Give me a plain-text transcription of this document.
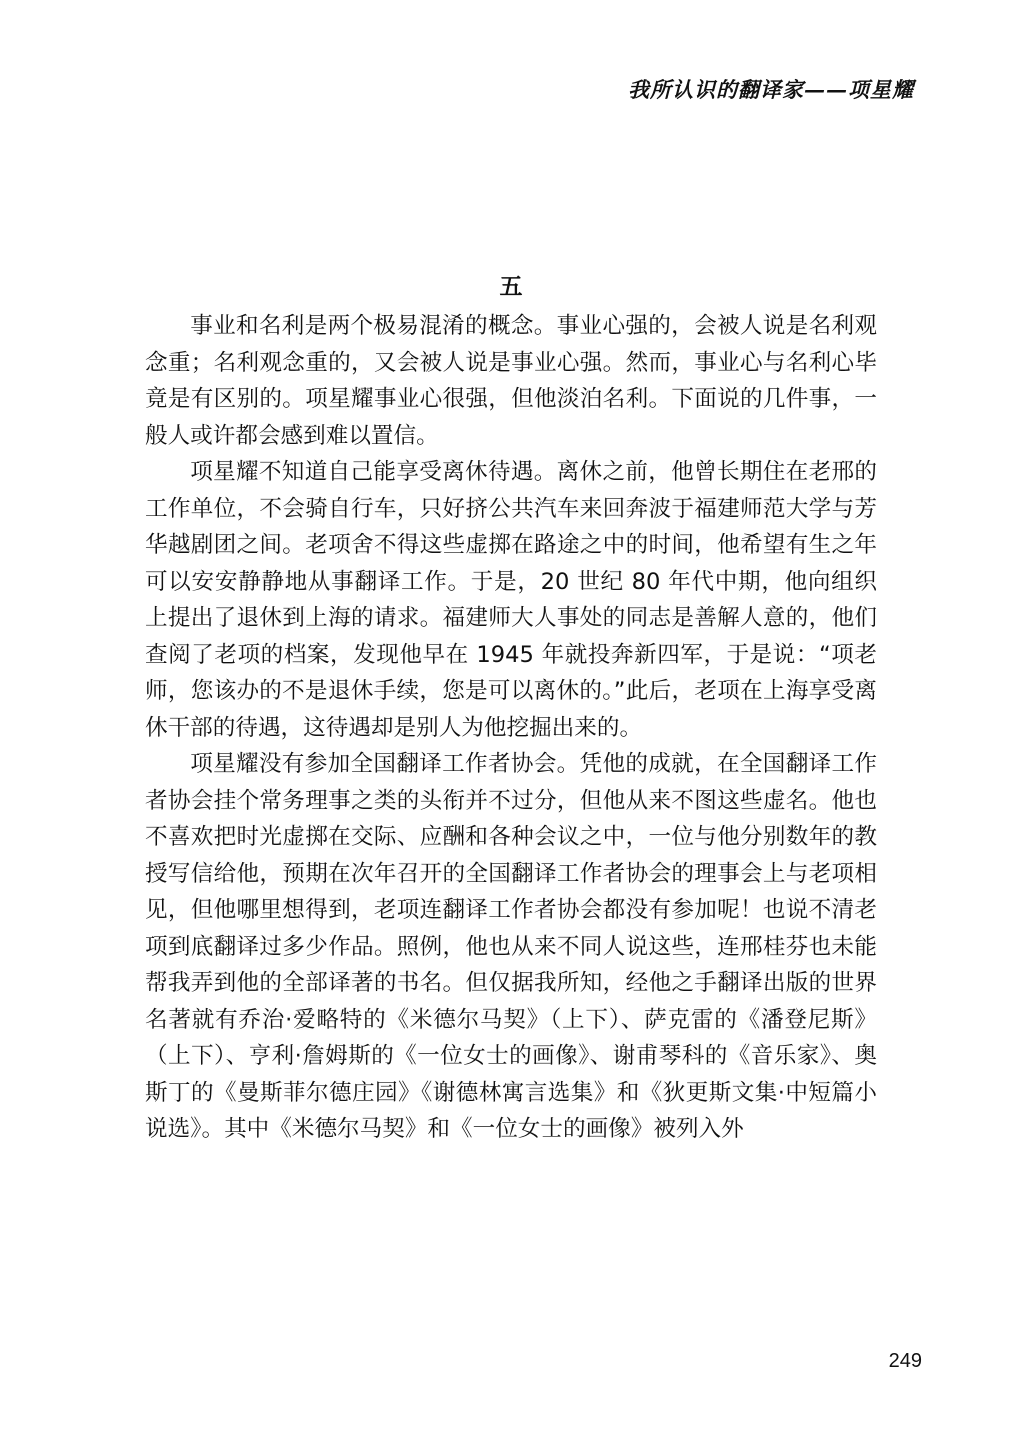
我所认识的翻译家——项星耀
五

事业和名利是两个极易混淆的概念。事业心强的，会被人说是名利观念重；名利观念重的，又会被人说是事业心强。然而，事业心与名利心毕竟是有区别的。项星耀事业心很强，但他淡泊名利。下面说的几件事，一般人或许都会感到难以置信。

项星耀不知道自己能享受离休待遇。离休之前，他曾长期住在老邢的工作单位，不会骑自行车，只好挤公共汽车来回奔波于福建师范大学与芳华越剧团之间。老项舍不得这些虚掷在路途之中的时间，他希望有生之年可以安安静静地从事翻译工作。于是，20 世纪 80 年代中期，他向组织上提出了退休到上海的请求。福建师大人事处的同志是善解人意的，他们查阅了老项的档案，发现他早在 1945 年就投奔新四军，于是说：“项老师，您该办的不是退休手续，您是可以离休的。”此后，老项在上海享受离休干部的待遇，这待遇却是别人为他挖掘出来的。

项星耀没有参加全国翻译工作者协会。凭他的成就，在全国翻译工作者协会挂个常务理事之类的头衔并不过分，但他从来不图这些虚名。他也不喜欢把时光虚掷在交际、应酬和各种会议之中，一位与他分别数年的教授写信给他，预期在次年召开的全国翻译工作者协会的理事会上与老项相见，但他哪里想得到，老项连翻译工作者协会都没有参加呢！也说不清老项到底翻译过多少作品。照例，他也从来不同人说这些，连邢桂芬也未能帮我弄到他的全部译著的书名。但仅据我所知，经他之手翻译出版的世界名著就有乔治·爱略特的《米德尔马契》（上下）、萨克雷的《潘登尼斯》（上下）、亨利·詹姆斯的《一位女士的画像》、谢甫琴科的《音乐家》、奥斯丁的《曼斯菲尔德庄园》《谢德林寓言选集》和《狄更斯文集·中短篇小说选》。其中《米德尔马契》和《一位女士的画像》被列入外

249
